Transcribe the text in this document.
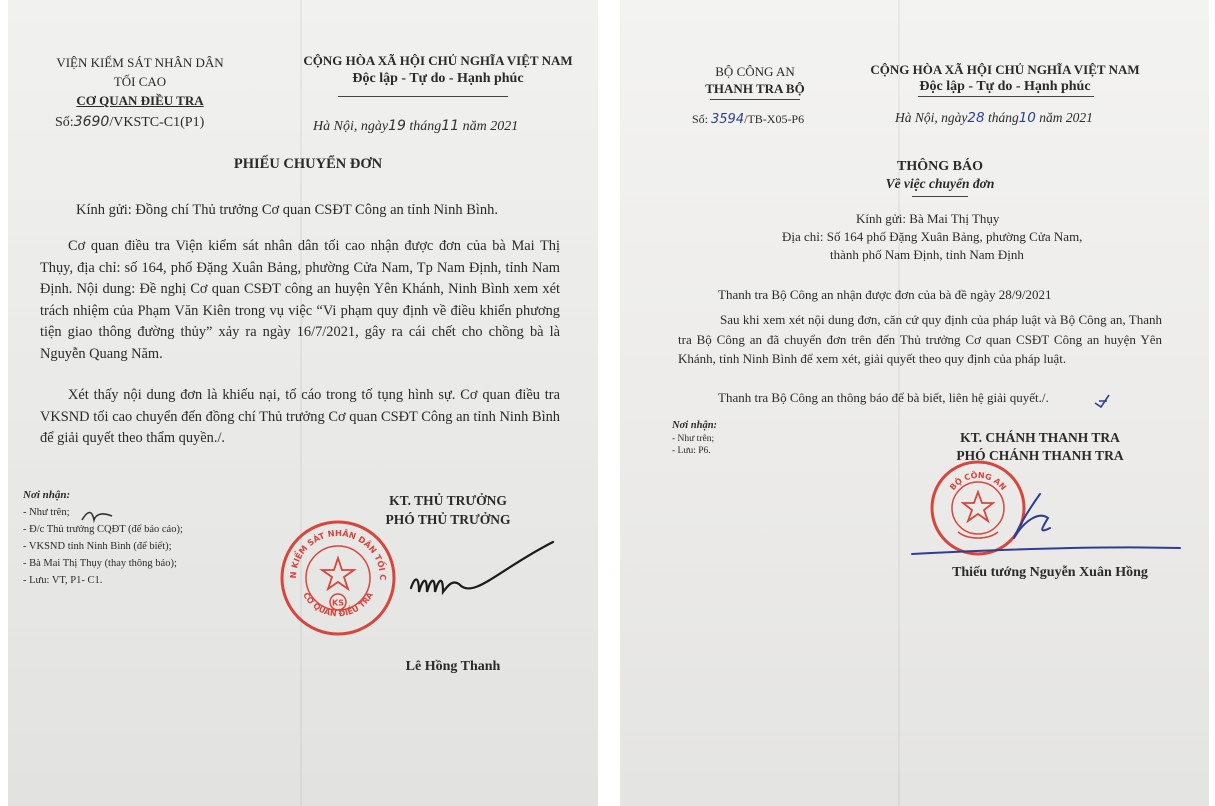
VIỆN KIỂM SÁT NHÂN DÂN
TỐI CAO
CƠ QUAN ĐIỀU TRA
Số:3690/VKSTC-C1(P1)
CỘNG HÒA XÃ HỘI CHỦ NGHĨA VIỆT NAM
Độc lập - Tự do - Hạnh phúc
Hà Nội, ngày19 tháng11 năm 2021
PHIẾU CHUYỂN ĐƠN
Kính gửi: Đồng chí Thủ trưởng Cơ quan CSĐT Công an tỉnh Ninh Bình.
Cơ quan điều tra Viện kiểm sát nhân dân tối cao nhận được đơn của bà Mai Thị Thụy, địa chỉ: số 164, phố Đặng Xuân Bảng, phường Cửa Nam, Tp Nam Định, tỉnh Nam Định. Nội dung: Đề nghị Cơ quan CSĐT công an huyện Yên Khánh, Ninh Bình xem xét trách nhiệm của Phạm Văn Kiên trong vụ việc “Vi phạm quy định về điều khiển phương tiện giao thông đường thủy” xảy ra ngày 16/7/2021, gây ra cái chết cho chồng bà là Nguyễn Quang Năm.
Xét thấy nội dung đơn là khiếu nại, tố cáo trong tố tụng hình sự. Cơ quan điều tra VKSND tối cao chuyển đến đồng chí Thủ trưởng Cơ quan CSĐT Công an tỉnh Ninh Bình để giải quyết theo thẩm quyền./.
Nơi nhận:
- Như trên;
- Đ/c Thủ trưởng CQĐT (để báo cáo);
- VKSND tỉnh Ninh Bình (để biết);
- Bà Mai Thị Thụy (thay thông báo);
- Lưu: VT, P1- C1.
KT. THỦ TRƯỞNG
PHÓ THỦ TRƯỞNG
VIỆN KIỂM SÁT NHÂN DÂN TỐI CAO
CƠ QUAN ĐIỀU TRA
KS
Lê Hồng Thanh
BỘ CÔNG AN
THANH TRA BỘ
Số: 3594/TB-X05-P6
CỘNG HÒA XÃ HỘI CHỦ NGHĨA VIỆT NAM
Độc lập - Tự do - Hạnh phúc
Hà Nội, ngày28 tháng10 năm 2021
THÔNG BÁO
Về việc chuyển đơn
Kính gửi: Bà Mai Thị Thụy
Địa chỉ: Số 164 phố Đặng Xuân Bảng, phường Cửa Nam,
thành phố Nam Định, tỉnh Nam Định
Thanh tra Bộ Công an nhận được đơn của bà đề ngày 28/9/2021
Sau khi xem xét nội dung đơn, căn cứ quy định của pháp luật và Bộ Công an, Thanh tra Bộ Công an đã chuyển đơn trên đến Thủ trưởng Cơ quan CSĐT Công an huyện Yên Khánh, tỉnh Ninh Bình để xem xét, giải quyết theo quy định của pháp luật.
Thanh tra Bộ Công an thông báo để bà biết, liên hệ giải quyết./.
Nơi nhận:
- Như trên;
- Lưu: P6.
KT. CHÁNH THANH TRA
PHÓ CHÁNH THANH TRA
BỘ CÔNG AN
Thiếu tướng Nguyễn Xuân Hồng
